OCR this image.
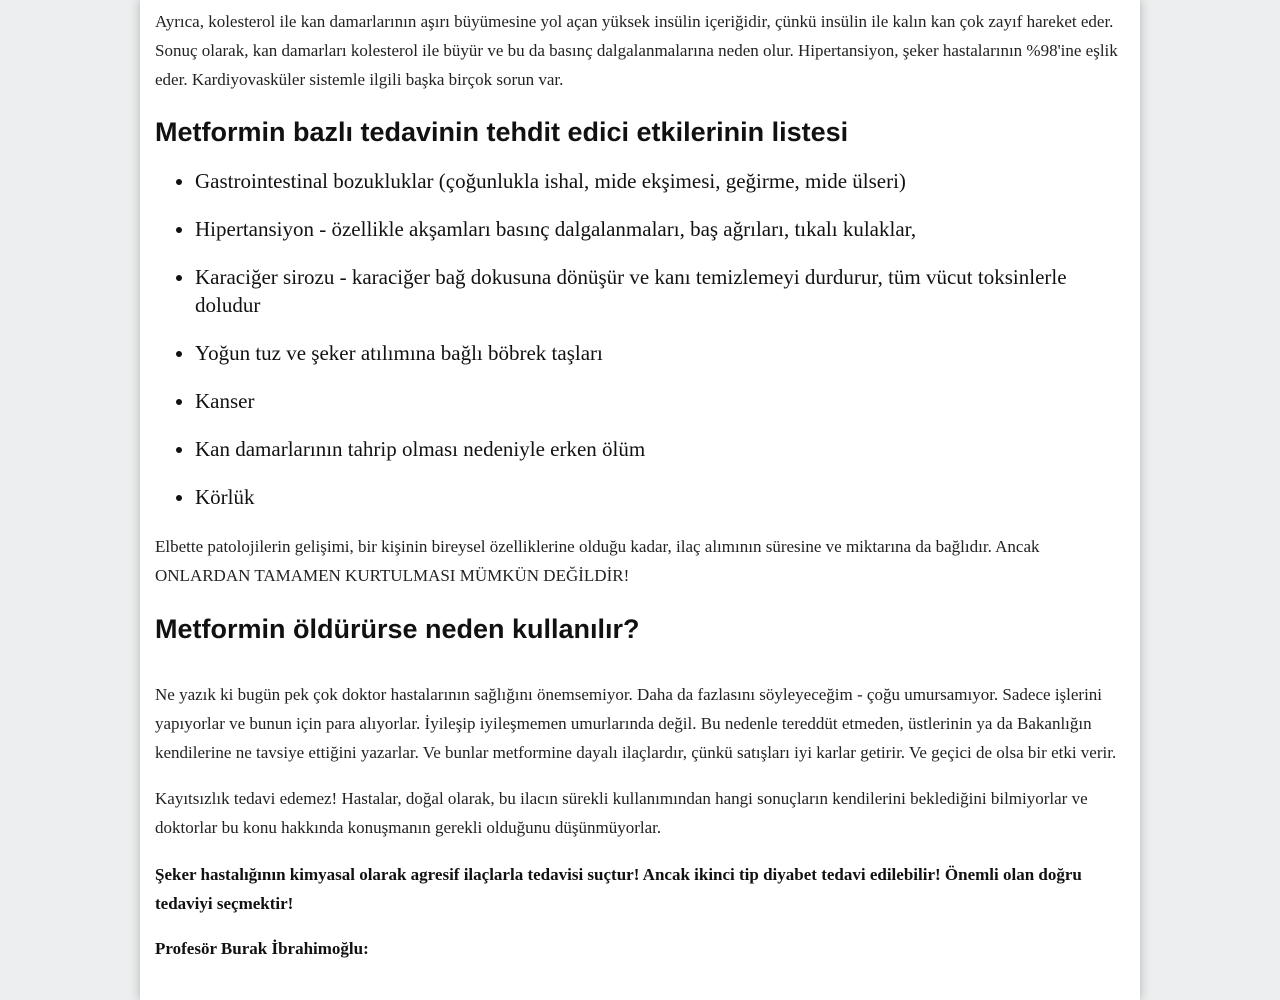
Ayrıca, kolesterol ile kan damarlarının aşırı büyümesine yol açan yüksek insülin içeriğidir, çünkü insülin ile kalın kan çok zayıf hareket eder. Sonuç olarak, kan damarları kolesterol ile büyür ve bu da basınç dalgalanmalarına neden olur. Hipertansiyon, şeker hastalarının %98'ine eşlik eder. Kardiyovasküler sistemle ilgili başka birçok sorun var.

Metformin bazlı tedavinin tehdit edici etkilerinin listesi
• Gastrointestinal bozukluklar (çoğunlukla ishal, mide ekşimesi, geğirme, mide ülseri)
• Hipertansiyon - özellikle akşamları basınç dalgalanmaları, baş ağrıları, tıkalı kulaklar,
• Karaciğer sirozu - karaciğer bağ dokusuna dönüşür ve kanı temizlemeyi durdurur, tüm vücut toksinlerle doludur
• Yoğun tuz ve şeker atılımına bağlı böbrek taşları
• Kanser
• Kan damarlarının tahrip olması nedeniyle erken ölüm
• Körlük

Elbette patolojilerin gelişimi, bir kişinin bireysel özelliklerine olduğu kadar, ilaç alımının süresine ve miktarına da bağlıdır. Ancak ONLARDAN TAMAMEN KURTULMASI MÜMKÜN DEĞİLDİR!

Metformin öldürürse neden kullanılır?

Ne yazık ki bugün pek çok doktor hastalarının sağlığını önemsemiyor. Daha da fazlasını söyleyeceğim - çoğu umursamıyor. Sadece işlerini yapıyorlar ve bunun için para alıyorlar. İyileşip iyileşmemen umurlarında değil. Bu nedenle tereddüt etmeden, üstlerinin ya da Bakanlığın kendilerine ne tavsiye ettiğini yazarlar. Ve bunlar metformine dayalı ilaçlardır, çünkü satışları iyi karlar getirir. Ve geçici de olsa bir etki verir.

Kayıtsızlık tedavi edemez! Hastalar, doğal olarak, bu ilacın sürekli kullanımından hangi sonuçların kendilerini beklediğini bilmiyorlar ve doktorlar bu konu hakkında konuşmanın gerekli olduğunu düşünmüyorlar.

Şeker hastalığının kimyasal olarak agresif ilaçlarla tedavisi suçtur! Ancak ikinci tip diyabet tedavi edilebilir! Önemli olan doğru tedaviyi seçmektir!

Profesör Burak İbrahimoğlu:
